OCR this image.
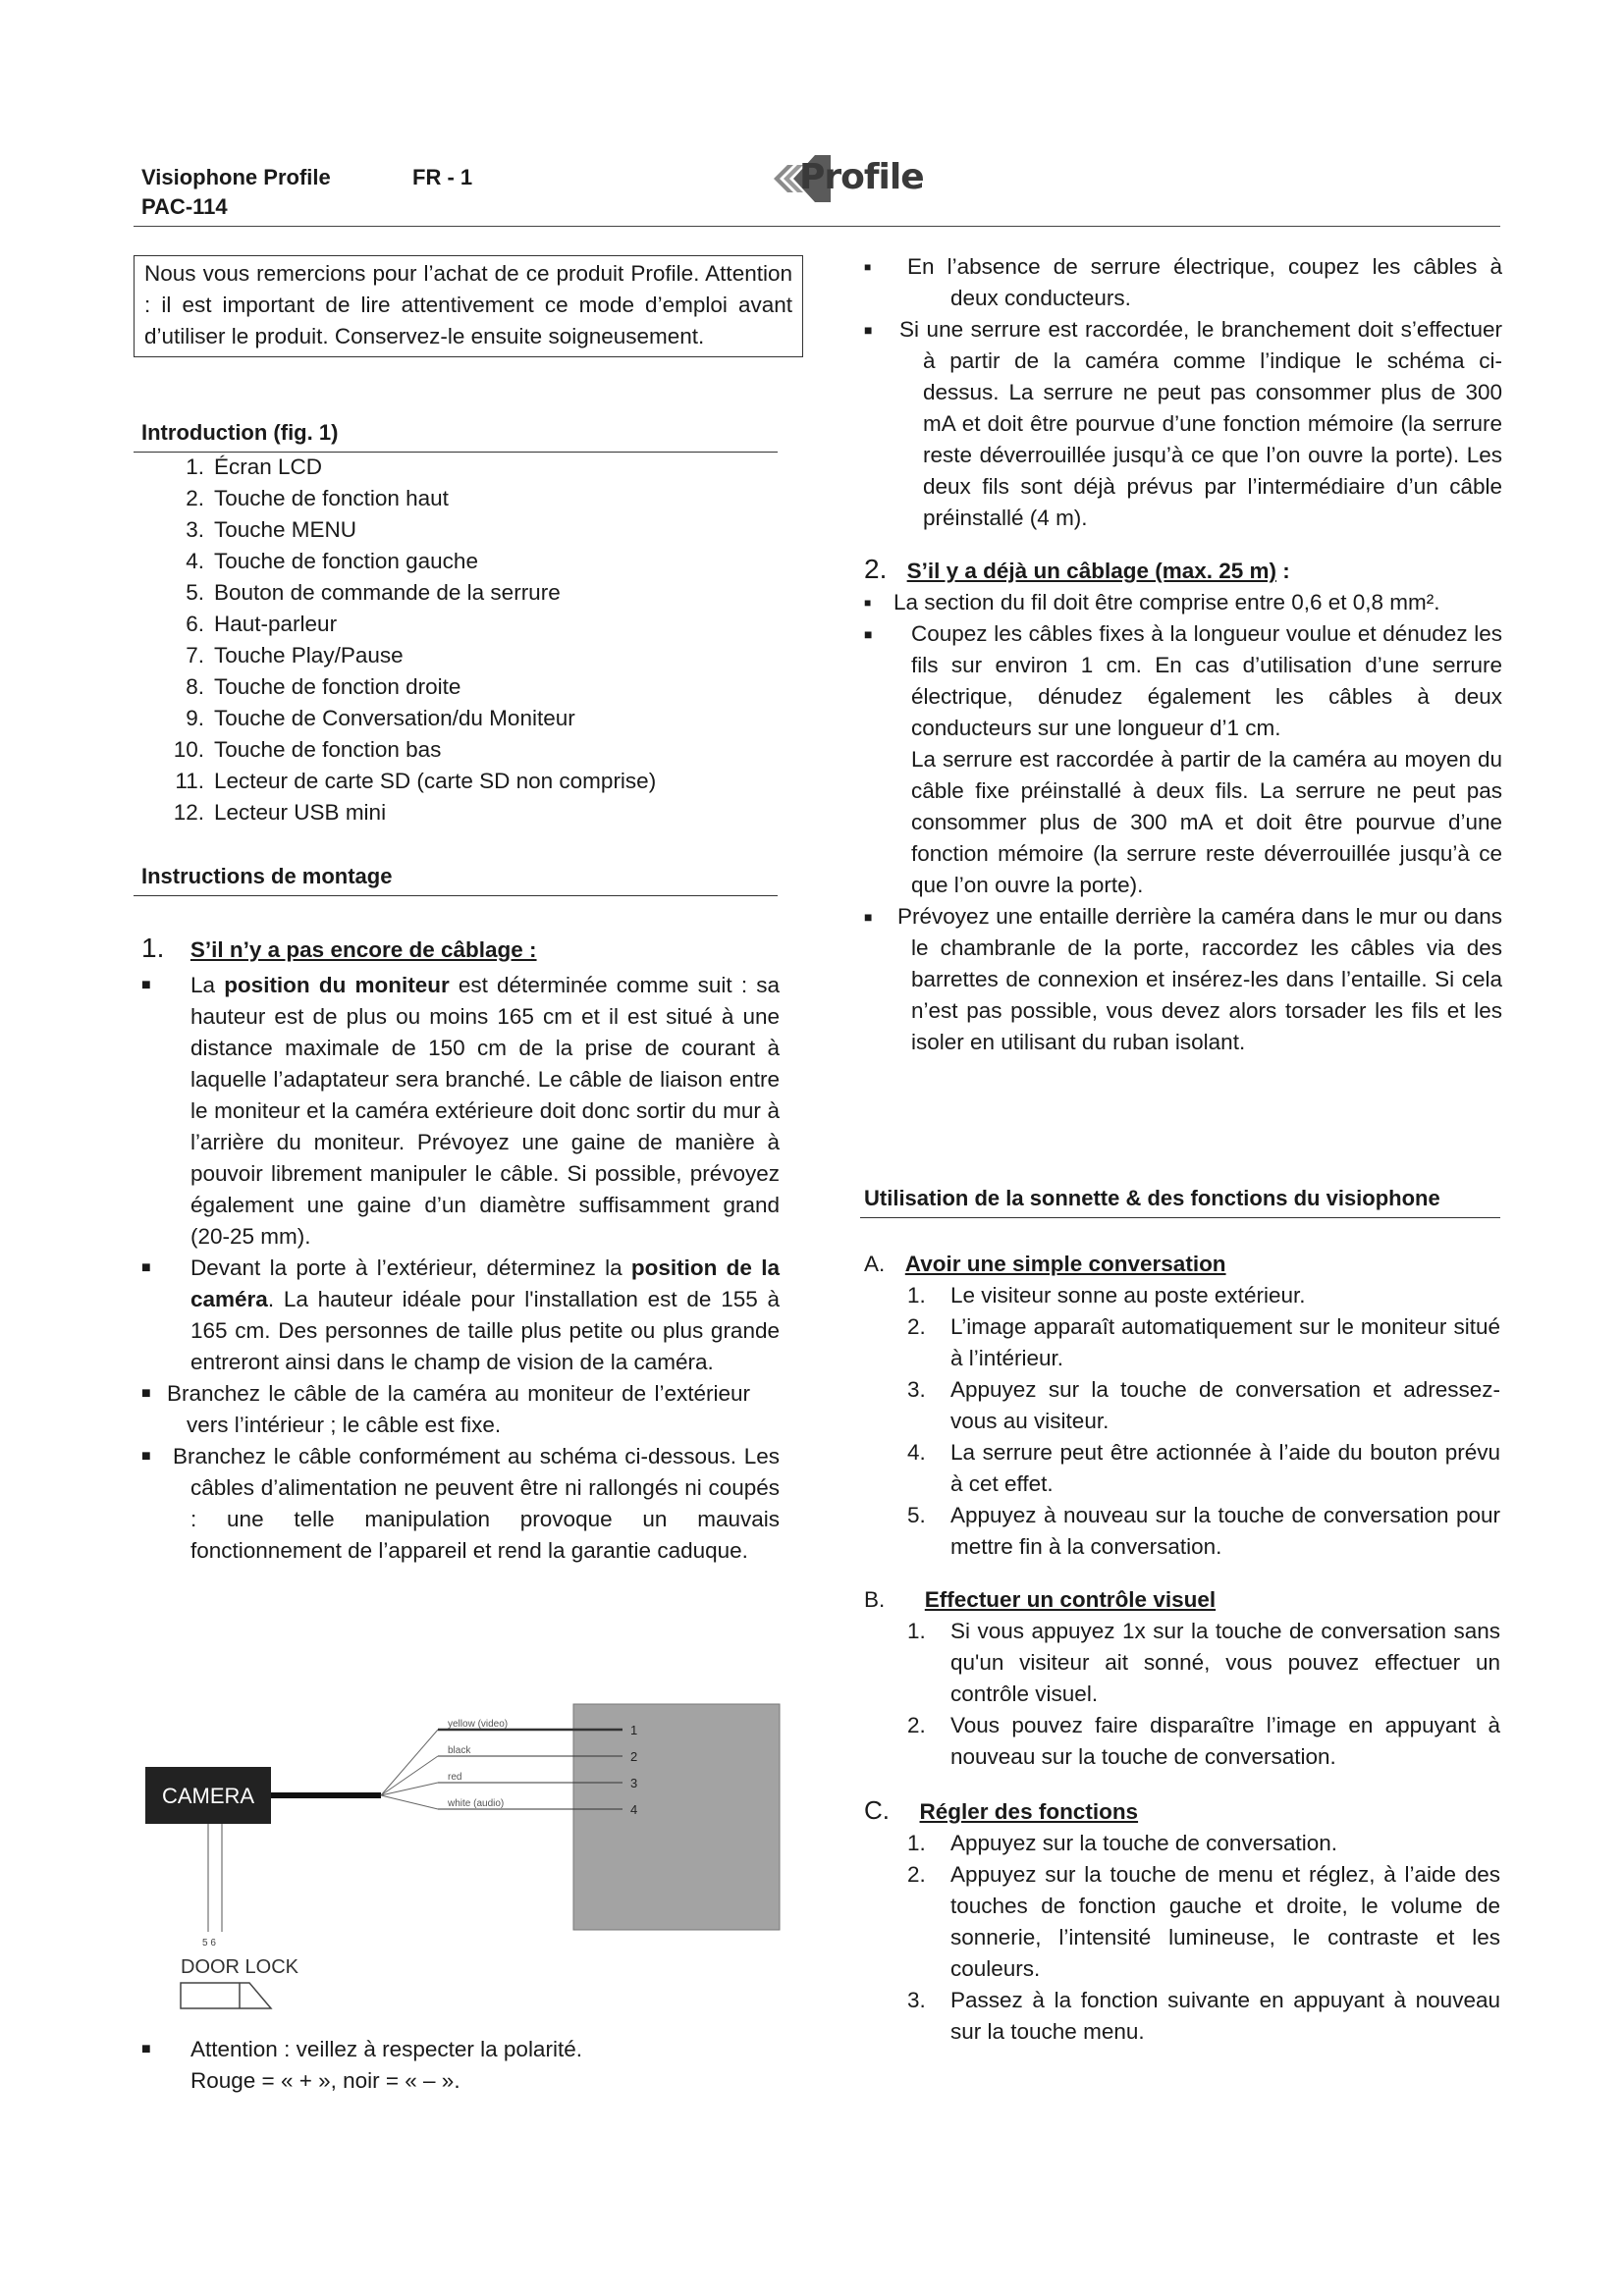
Visiophone Profile	FR - 1
PAC-114
Profile
Nous vous remercions pour l’achat de ce produit Profile. Attention : il est important de lire attentivement ce mode d’emploi avant d’utiliser le produit. Conservez-le ensuite soigneusement.
Introduction (fig. 1)
1. Écran LCD
2. Touche de fonction haut
3. Touche MENU
4. Touche de fonction gauche
5. Bouton de commande de la serrure
6. Haut-parleur
7. Touche Play/Pause
8. Touche de fonction droite
9. Touche de Conversation/du Moniteur
10. Touche de fonction bas
11. Lecteur de carte SD (carte SD non comprise)
12. Lecteur USB mini
Instructions de montage

1. S’il n’y a pas encore de câblage :

■	La position du moniteur est déterminée comme suit : sa hauteur est de plus ou moins 165 cm et il est situé à une distance maximale de 150 cm de la prise de courant à laquelle l’adaptateur sera branché. Le câble de liaison entre le moniteur et la caméra extérieure doit donc sortir du mur à l’arrière du moniteur. Prévoyez une gaine de manière à pouvoir librement manipuler le câble. Si possible, prévoyez également une gaine d’un diamètre suffisamment grand (20-25 mm).
■	Devant la porte à l’extérieur, déterminez la position de la caméra. La hauteur idéale pour l'installation est de 155 à 165 cm. Des personnes de taille plus petite ou plus grande entreront ainsi dans le champ de vision de la caméra.
■ Branchez le câble de la caméra au moniteur de l’extérieur vers l’intérieur ; le câble est fixe.
■ Branchez le câble conformément au schéma ci-dessous. Les câbles d’alimentation ne peuvent être ni rallongés ni coupés : une telle manipulation provoque un mauvais fonctionnement de l’appareil et rend la garantie caduque.
CAMERA
yellow (video)	1
black	2
red	3
white (audio)	4
5 6
DOOR LOCK
■	Attention : veillez à respecter la polarité.
Rouge = « + », noir = « – ».
■	En l’absence de serrure électrique, coupez les câbles à deux conducteurs.
■	Si une serrure est raccordée, le branchement doit s’effectuer à partir de la caméra comme l’indique le schéma ci-dessus. La serrure ne peut pas consommer plus de 300 mA et doit être pourvue d’une fonction mémoire (la serrure reste déverrouillée jusqu’à ce que l’on ouvre la porte). Les deux fils sont déjà prévus par l’intermédiaire d’un câble préinstallé (4 m).

2. S’il y a déjà un câblage (max. 25 m) :

■	La section du fil doit être comprise entre 0,6 et 0,8 mm².
■	Coupez les câbles fixes à la longueur voulue et dénudez les fils sur environ 1 cm. En cas d’utilisation d’une serrure électrique, dénudez également les câbles à deux conducteurs sur une longueur d’1 cm.
La serrure est raccordée à partir de la caméra au moyen du câble fixe préinstallé à deux fils. La serrure ne peut pas consommer plus de 300 mA et doit être pourvue d’une fonction mémoire (la serrure reste déverrouillée jusqu’à ce que l’on ouvre la porte).
■	Prévoyez une entaille derrière la caméra dans le mur ou dans le chambranle de la porte, raccordez les câbles via des barrettes de connexion et insérez-les dans l’entaille. Si cela n’est pas possible, vous devez alors torsader les fils et les isoler en utilisant du ruban isolant.
Utilisation de la sonnette & des fonctions du visiophone

A. Avoir une simple conversation

1.	Le visiteur sonne au poste extérieur.
2.	L’image apparaît automatiquement sur le moniteur situé à l’intérieur.
3.	Appuyez sur la touche de conversation et adressez-vous au visiteur.
4.	La serrure peut être actionnée à l’aide du bouton prévu à cet effet.
5.	Appuyez à nouveau sur la touche de conversation pour mettre fin à la conversation.

B. Effectuer un contrôle visuel

1.	Si vous appuyez 1x sur la touche de conversation sans qu'un visiteur ait sonné, vous pouvez effectuer un contrôle visuel.
2.	Vous pouvez faire disparaître l’image en appuyant à nouveau sur la touche de conversation.

C. Régler des fonctions

1.	Appuyez sur la touche de conversation.
2.	Appuyez sur la touche de menu et réglez, à l’aide des touches de fonction gauche et droite, le volume de sonnerie, l’intensité lumineuse, le contraste et les couleurs.
3.	Passez à la fonction suivante en appuyant à nouveau sur la touche menu.
